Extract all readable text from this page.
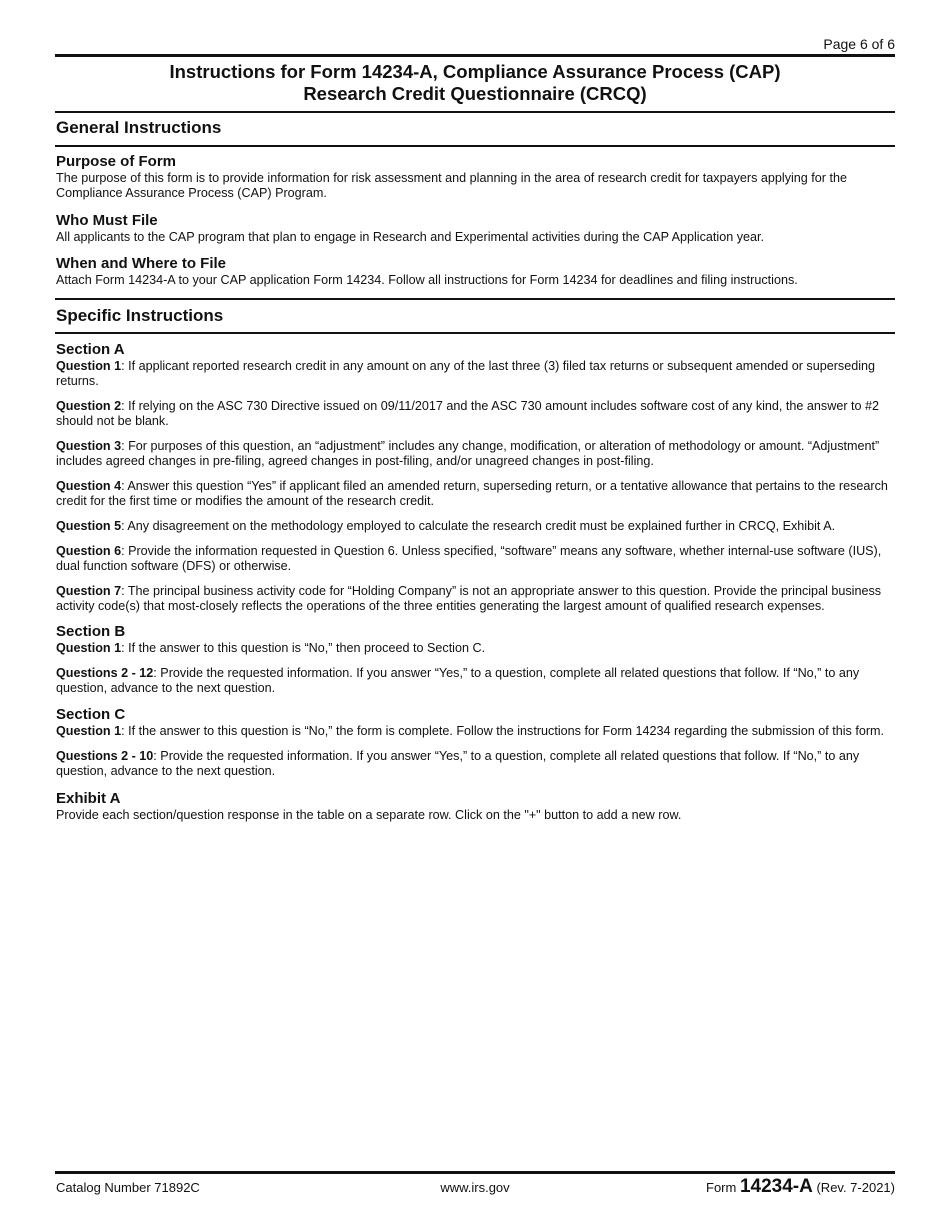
Page 6 of 6
Instructions for Form 14234-A, Compliance Assurance Process (CAP)
Research Credit Questionnaire (CRCQ)
General Instructions

Purpose of Form

The purpose of this form is to provide information for risk assessment and planning in the area of research credit for taxpayers applying for the Compliance Assurance Process (CAP) Program.

Who Must File

All applicants to the CAP program that plan to engage in Research and Experimental activities during the CAP Application year.

When and Where to File

Attach Form 14234-A to your CAP application Form 14234. Follow all instructions for Form 14234 for deadlines and filing instructions.

Specific Instructions

Section A

Question 1: If applicant reported research credit in any amount on any of the last three (3) filed tax returns or subsequent amended or superseding returns.

Question 2: If relying on the ASC 730 Directive issued on 09/11/2017 and the ASC 730 amount includes software cost of any kind, the answer to #2 should not be blank.

Question 3: For purposes of this question, an “adjustment” includes any change, modification, or alteration of methodology or amount. “Adjustment” includes agreed changes in pre-filing, agreed changes in post-filing, and/or unagreed changes in post-filing.

Question 4: Answer this question “Yes” if applicant filed an amended return, superseding return, or a tentative allowance that pertains to the research credit for the first time or modifies the amount of the research credit.

Question 5: Any disagreement on the methodology employed to calculate the research credit must be explained further in CRCQ, Exhibit A.

Question 6: Provide the information requested in Question 6. Unless specified, “software” means any software, whether internal-use software (IUS), dual function software (DFS) or otherwise.

Question 7: The principal business activity code for “Holding Company” is not an appropriate answer to this question. Provide the principal business activity code(s) that most-closely reflects the operations of the three entities generating the largest amount of qualified research expenses.

Section B

Question 1: If the answer to this question is “No,” then proceed to Section C.

Questions 2 - 12: Provide the requested information. If you answer “Yes,” to a question, complete all related questions that follow. If “No,” to any question, advance to the next question.

Section C

Question 1: If the answer to this question is “No,” the form is complete. Follow the instructions for Form 14234 regarding the submission of this form.

Questions 2 - 10: Provide the requested information. If you answer “Yes,” to a question, complete all related questions that follow. If “No,” to any question, advance to the next question.

Exhibit A

Provide each section/question response in the table on a separate row. Click on the "+" button to add a new row.

Catalog Number 71892C	www.irs.gov	Form 14234-A (Rev. 7-2021)
